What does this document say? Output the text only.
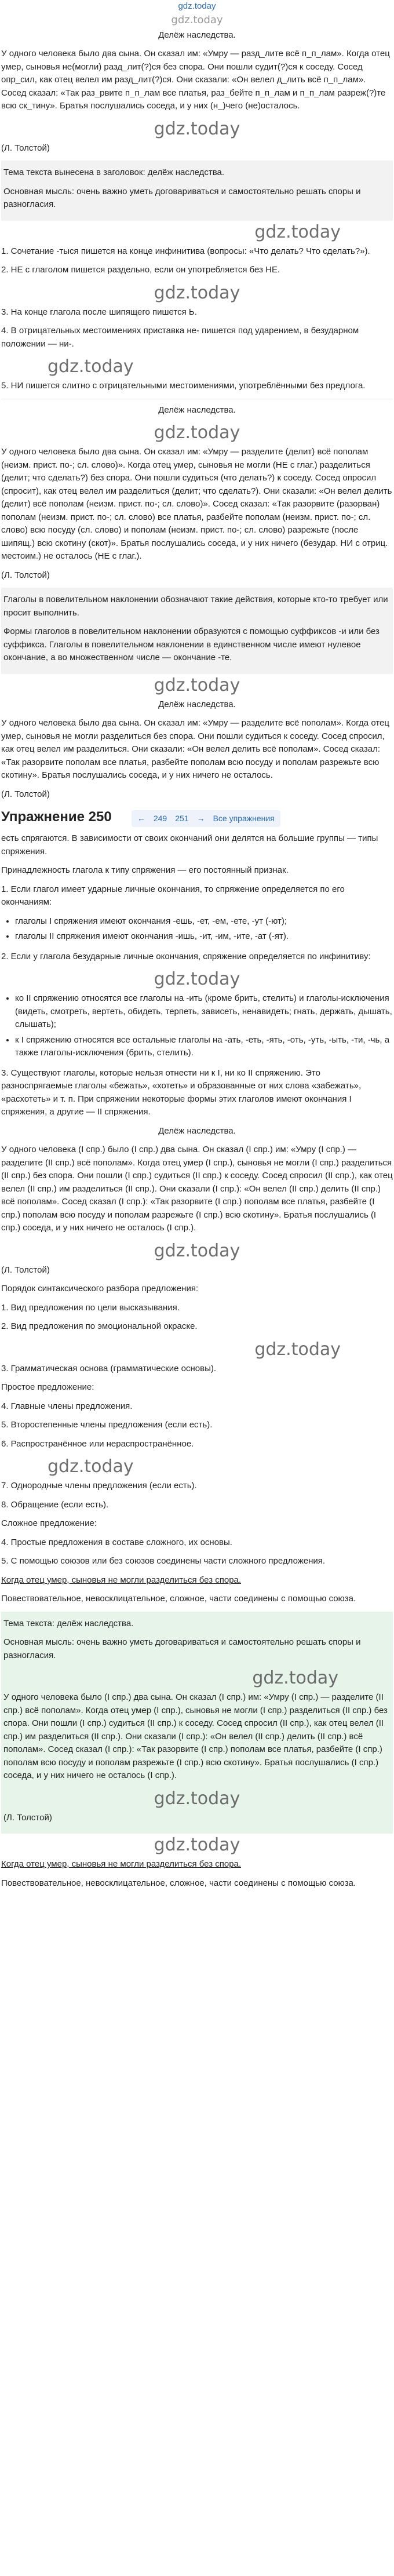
gdz.today
gdz.today

Делёж наследства.

У одного человека было два сына. Он сказал им: «Умру — разд_лите всё п_п_лам». Когда отец умер, сыновья не(могли) разд_лит(?)ся без спора. Они пошли судит(?)ся к соседу. Сосед опр_сил, как отец велел им разд_лит(?)ся. Они сказали: «Он велел д_лить всё п_п_лам». Сосед сказал: «Так раз_рвите п_п_лам все платья, раз_бейте п_п_лам и п_п_лам разреж(?)те всю ск_тину». Братья послушались соседа, и у них (н_)чего (не)осталось.

gdz.today

(Л. Толстой)

Тема текста вынесена в заголовок: делёж наследства.

Основная мысль: очень важно уметь договариваться и самостоятельно решать споры и разногласия.

gdz.today

1. Сочетание -тыся пишется на конце инфинитива (вопросы: «Что делать? Что сделать?»).

2. НЕ с глаголом пишется раздельно, если он употребляется без НЕ.

gdz.today

3. На конце глагола после шипящего пишется Ь.

4. В отрицательных местоимениях приставка не- пишется под ударением, в безударном положении — ни-.

gdz.today

5. НИ пишется слитно с отрицательными местоимениями, употреблёнными без предлога.

Делёж наследства.

gdz.today

У одного человека было два сына. Он сказал им: «Умру — разделите (делит) всё пополам (неизм. прист. по-; сл. слово)». Когда отец умер, сыновья не могли (НЕ с глаг.) разделиться (делит; что сделать?) без спора. Они пошли судиться (что делать?) к соседу. Сосед опросил (спросит), как отец велел им разделиться (делит; что сделать?). Они сказали: «Он велел делить (делит) всё пополам (неизм. прист. по-; сл. слово)». Сосед сказал: «Так разорвите (разорван) пополам (неизм. прист. по-; сл. слово) все платья, разбейте пополам (неизм. прист. по-; сл. слово) всю посуду (сл. слово) и пополам (неизм. прист. по-; сл. слово) разрежьте (после шипящ.) всю скотину (скот)». Братья послушались соседа, и у них ничего (безудар. НИ с отриц. местоим.) не осталось (НЕ с глаг.).

(Л. Толстой)

Глаголы в повелительном наклонении обозначают такие действия, которые кто-то требует или просит выполнить.

Формы глаголов в повелительном наклонении образуются с помощью суффиксов -и или без суффикса. Глаголы в повелительном наклонении в единственном числе имеют нулевое окончание, а во множественном числе — окончание -те.

gdz.today

Делёж наследства.

У одного человека было два сына. Он сказал им: «Умру — разделите всё пополам». Когда отец умер, сыновья не могли разделиться без спора. Они пошли судиться к соседу. Сосед спросил, как отец велел им разделиться. Они сказали: «Он велел делить всё пополам». Сосед сказал: «Так разорвите пополам все платья, разбейте пополам всю посуду и пополам разрежьте всю скотину». Братья послушались соседа, и у них ничего не осталось.

(Л. Толстой)

Упражнение 250	← 249 251 → Все упражнения

есть спрягаются. В зависимости от своих окончаний они делятся на большие группы — типы спряжения.

Принадлежность глагола к типу спряжения — его постоянный признак.

1. Если глагол имеет ударные личные окончания, то спряжение определяется по его окончаниям:

• глаголы I спряжения имеют окончания -ешь, -ет, -ем, -ете, -ут (-ют);
• глаголы II спряжения имеют окончания -ишь, -ит, -им, -ите, -ат (-ят).

2. Если у глагола безударные личные окончания, спряжение определяется по инфинитиву:

gdz.today
• ко II спряжению относятся все глаголы на -ить (кроме брить, стелить) и глаголы-исключения (видеть, смотреть, вертеть, обидеть, терпеть, зависеть, ненавидеть; гнать, держать, дышать, слышать);
• к I спряжению относятся все остальные глаголы на -ать, -еть, -ять, -оть, -уть, -ыть, -ти, -чь, а также глаголы-исключения (брить, стелить).

3. Существуют глаголы, которые нельзя отнести ни к I, ни ко II спряжению. Это разноспрягаемые глаголы «бежать», «хотеть» и образованные от них слова «забежать», «расхотеть» и т. п. При спряжении некоторые формы этих глаголов имеют окончания I спряжения, а другие — II спряжения.

Делёж наследства.

У одного человека (I спр.) было (I спр.) два сына. Он сказал (I спр.) им: «Умру (I спр.) — разделите (II спр.) всё пополам». Когда отец умер (I спр.), сыновья не могли (I спр.) разделиться (II спр.) без спора. Они пошли (I спр.) судиться (II спр.) к соседу. Сосед спросил (II спр.), как отец велел (II спр.) им разделиться (II спр.). Они сказали (I спр.): «Он велел (II спр.) делить (II спр.) всё пополам». Сосед сказал (I спр.): «Так разорвите (I спр.) пополам все платья, разбейте (I спр.) пополам всю посуду и пополам разрежьте (I спр.) всю скотину». Братья послушались (I спр.) соседа, и у них ничего не осталось (I спр.).

gdz.today

(Л. Толстой)

Порядок синтаксического разбора предложения:

1. Вид предложения по цели высказывания.

2. Вид предложения по эмоциональной окраске.

gdz.today

3. Грамматическая основа (грамматические основы).

Простое предложение:

4. Главные члены предложения.

5. Второстепенные члены предложения (если есть).

6. Распространённое или нераспространённое.

gdz.today

7. Однородные члены предложения (если есть).

8. Обращение (если есть).

Сложное предложение:

4. Простые предложения в составе сложного, их основы.

5. С помощью союзов или без союзов соединены части сложного предложения.

Когда отец умер, сыновья не могли разделиться без спора.

Повествовательное, невосклицательное, сложное, части соединены с помощью союза.

Тема текста: делёж наследства.

Основная мысль: очень важно уметь договариваться и самостоятельно решать споры и разногласия.

gdz.today

У одного человека было (I спр.) два сына. Он сказал (I спр.) им: «Умру (I спр.) — разделите (II спр.) всё пополам». Когда отец умер (I спр.), сыновья не могли (I спр.) разделиться (II спр.) без спора. Они пошли (I спр.) судиться (II спр.) к соседу. Сосед спросил (II спр.), как отец велел (II спр.) им разделиться (II спр.). Они сказали (I спр.): «Он велел (II спр.) делить (II спр.) всё пополам». Сосед сказал (I спр.): «Так разорвите (I спр.) пополам все платья, разбейте (I спр.) пополам всю посуду и пополам разрежьте (I спр.) всю скотину». Братья послушались (I спр.) соседа, и у них ничего не осталось (I спр.).

gdz.today

(Л. Толстой)

gdz.today

Когда отец умер, сыновья не могли разделиться без спора.

Повествовательное, невосклицательное, сложное, части соединены с помощью союза.
